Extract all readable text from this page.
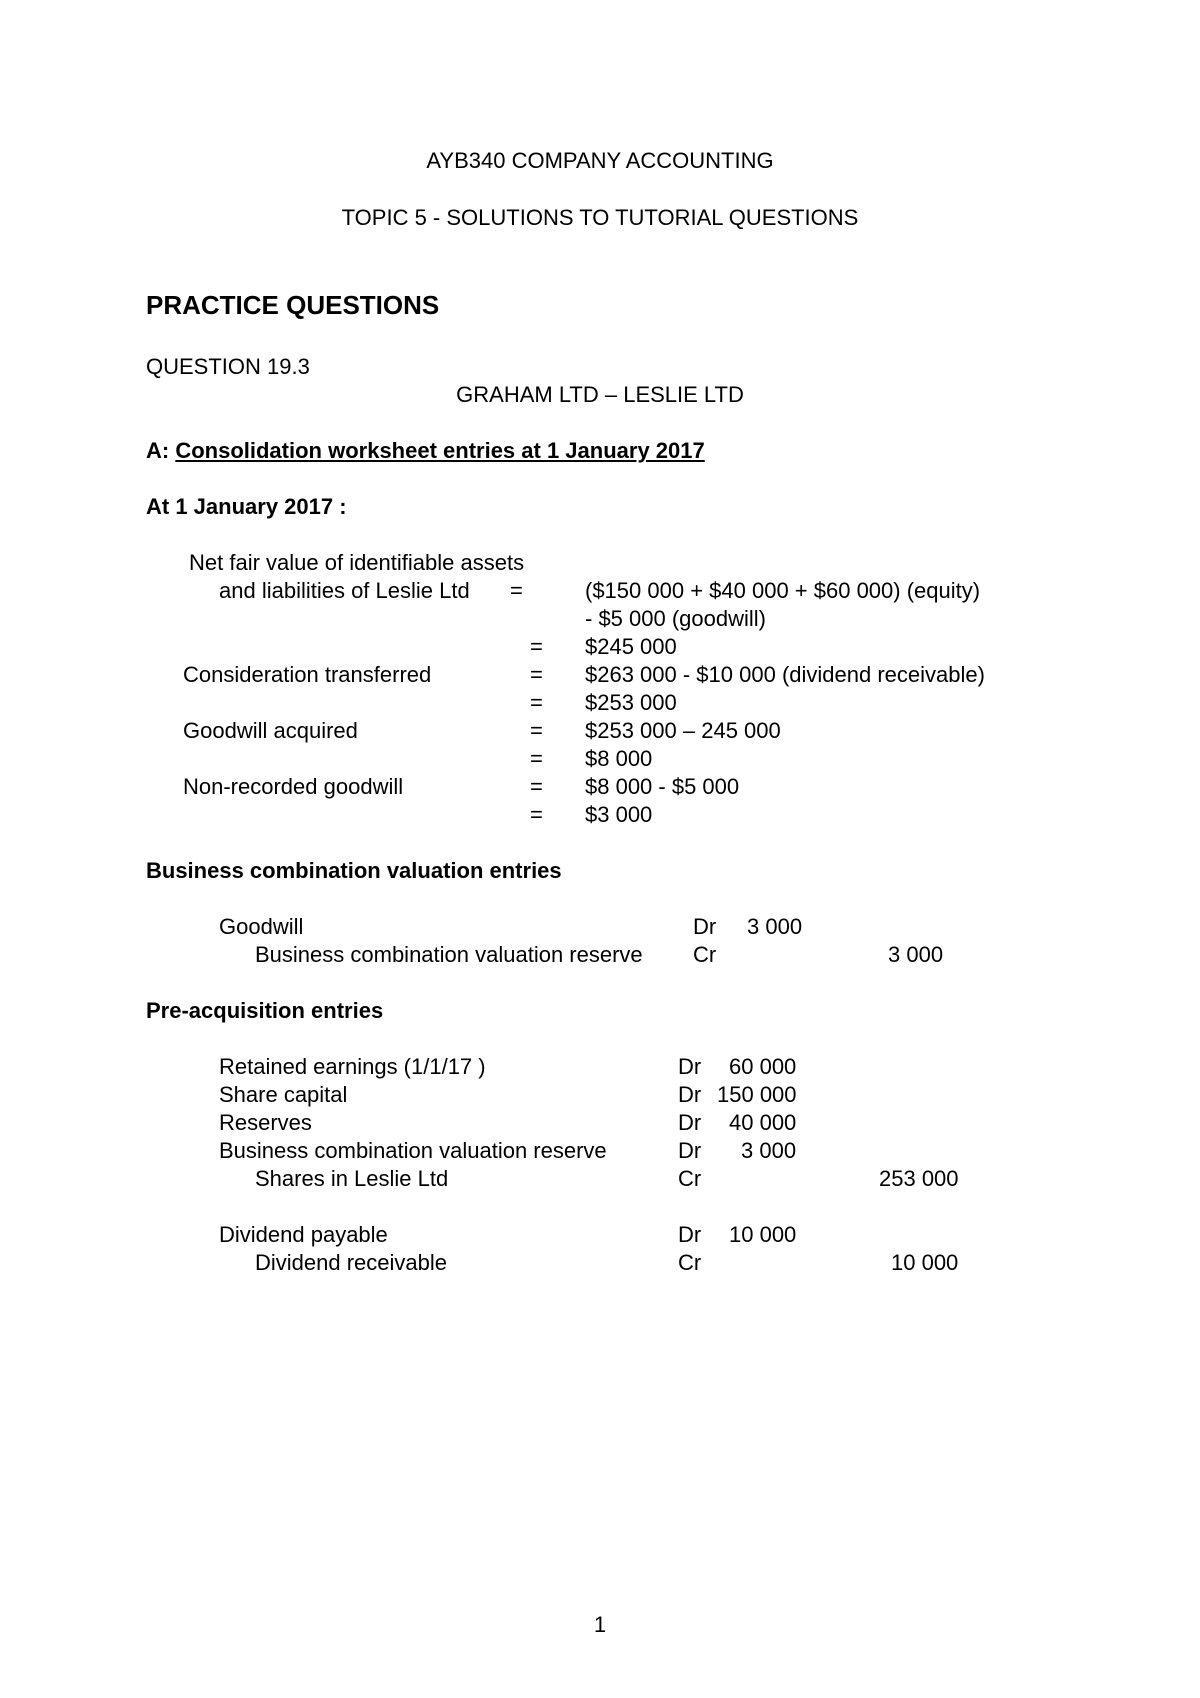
AYB340 COMPANY ACCOUNTING
TOPIC 5 - SOLUTIONS TO TUTORIAL QUESTIONS
PRACTICE QUESTIONS
QUESTION 19.3
GRAHAM LTD – LESLIE LTD
A: Consolidation worksheet entries at 1 January 2017
At 1 January 2017 :
Net fair value of identifiable assets
and liabilities of Leslie Ltd =	($150 000 + $40 000 + $60 000) (equity)
- $5 000 (goodwill)
= $245 000
Consideration transferred	= $263 000 - $10 000 (dividend receivable)
= $253 000
Goodwill acquired	= $253 000 – 245 000
= $8 000
Non-recorded goodwill	= $8 000 - $5 000
= $3 000
Business combination valuation entries
Goodwill	Dr 3 000
Business combination valuation reserve Cr	3 000
Pre-acquisition entries
Retained earnings (1/1/17 )	Dr 60 000
Share capital	Dr 150 000
Reserves	Dr 40 000
Business combination valuation reserve	Dr 3 000
Shares in Leslie Ltd	Cr	253 000
Dividend payable	Dr 10 000
Dividend receivable	Cr	10 000
1
